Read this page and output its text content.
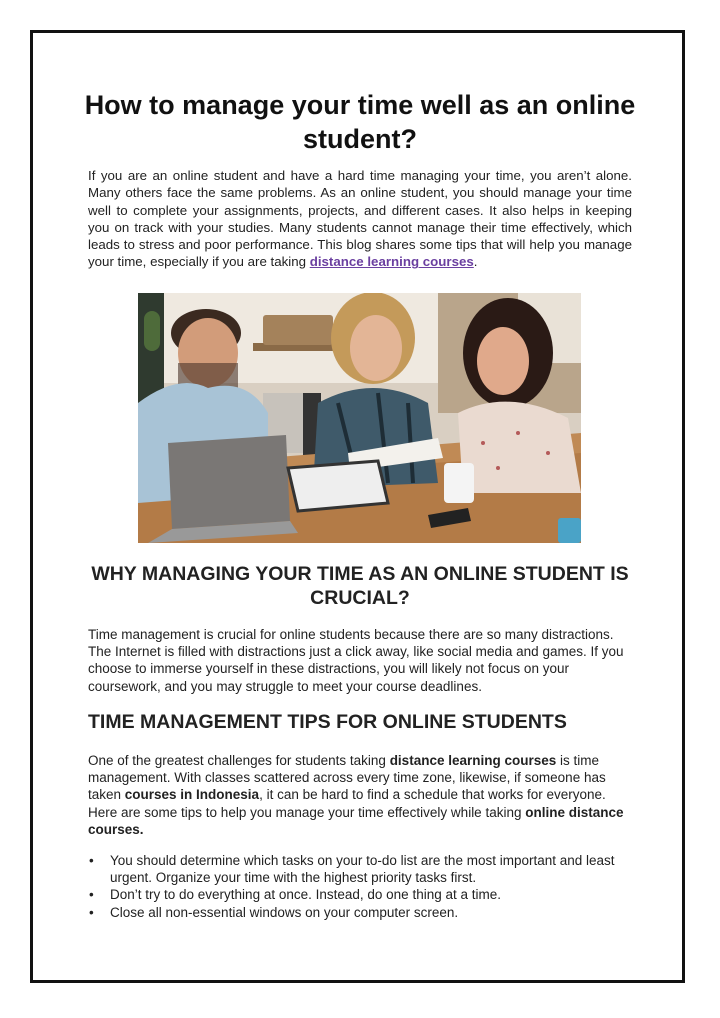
How to manage your time well as an online student?

If you are an online student and have a hard time managing your time, you aren’t alone. Many others face the same problems. As an online student, you should manage your time well to complete your assignments, projects, and different cases. It also helps in keeping you on track with your studies. Many students cannot manage their time effectively, which leads to stress and poor performance. This blog shares some tips that will help you manage your time, especially if you are taking distance learning courses.

WHY MANAGING YOUR TIME AS AN ONLINE STUDENT IS CRUCIAL?

Time management is crucial for online students because there are so many distractions. The Internet is filled with distractions just a click away, like social media and games. If you choose to immerse yourself in these distractions, you will likely not focus on your coursework, and you may struggle to meet your course deadlines.

TIME MANAGEMENT TIPS FOR ONLINE STUDENTS

One of the greatest challenges for students taking distance learning courses is time management. With classes scattered across every time zone, likewise, if someone has taken courses in Indonesia, it can be hard to find a schedule that works for everyone. Here are some tips to help you manage your time effectively while taking online distance courses.

• You should determine which tasks on your to-do list are the most important and least urgent. Organize your time with the highest priority tasks first.
• Don’t try to do everything at once. Instead, do one thing at a time.
• Close all non-essential windows on your computer screen.
